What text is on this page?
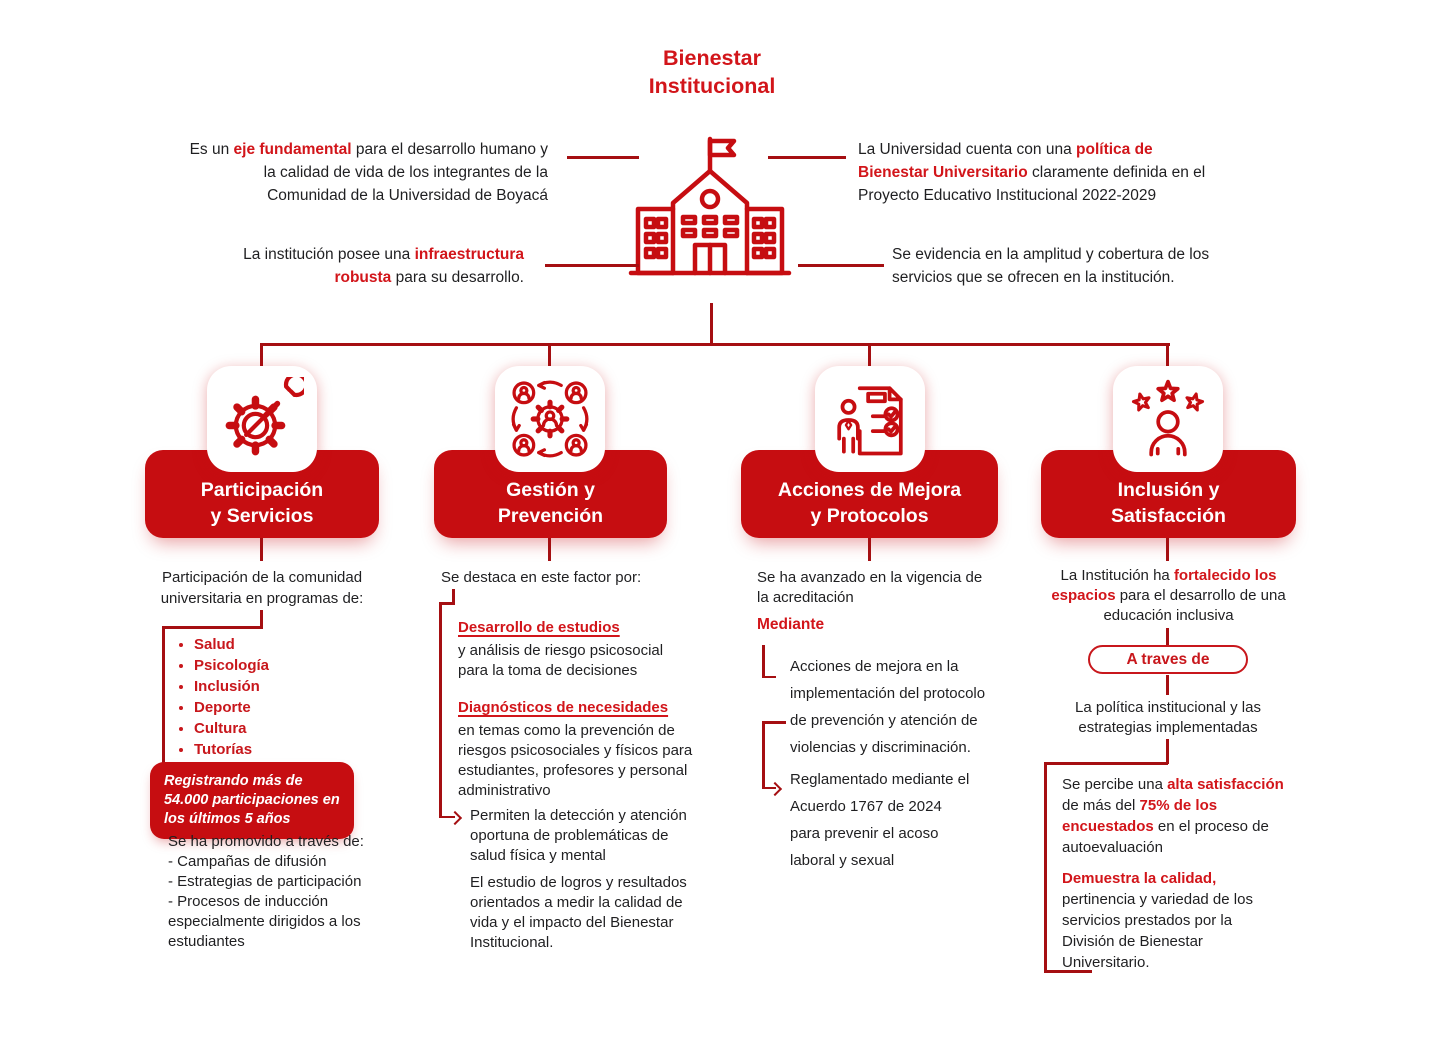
Bienestar
Institucional
Es un eje fundamental para el desarrollo humano y la calidad de vida de los integrantes de la Comunidad de la Universidad de Boyacá
La institución posee una infraestructura robusta para su desarrollo.
La Universidad cuenta con una política de Bienestar Universitario claramente definida en el Proyecto Educativo Institucional 2022-2029
Se evidencia en la amplitud y cobertura de los servicios que se ofrecen en la institución.
Participación
y Servicios
Gestión y
Prevención
Acciones de Mejora
y Protocolos
Inclusión y
Satisfacción
Participación de la comunidad universitaria en programas de:
• Salud
• Psicología
• Inclusión
• Deporte
• Cultura
• Tutorías
Registrando más de 54.000 participaciones en los últimos 5 años
Se ha promovido a través de:
- Campañas de difusión
- Estrategias de participación
- Procesos de inducción especialmente dirigidos a los estudiantes
Se destaca en este factor por:
Desarrollo de estudios
y análisis de riesgo psicosocial para la toma de decisiones
Diagnósticos de necesidades
en temas como la prevención de riesgos psicosociales y físicos para estudiantes, profesores y personal administrativo
Permiten la detección y atención oportuna de problemáticas de salud física y mental
El estudio de logros y resultados orientados a medir la calidad de vida y el impacto del Bienestar Institucional.
Se ha avanzado en la vigencia de la acreditación
Mediante
Acciones de mejora en la implementación del protocolo de prevención y atención de violencias y discriminación.
Reglamentado mediante el Acuerdo 1767 de 2024 para prevenir el acoso laboral y sexual
La Institución ha fortalecido los espacios para el desarrollo de una educación inclusiva
A traves de
La política institucional y las estrategias implementadas
Se percibe una alta satisfacción de más del 75% de los encuestados en el proceso de autoevaluación
Demuestra la calidad, pertinencia y variedad de los servicios prestados por la División de Bienestar Universitario.
